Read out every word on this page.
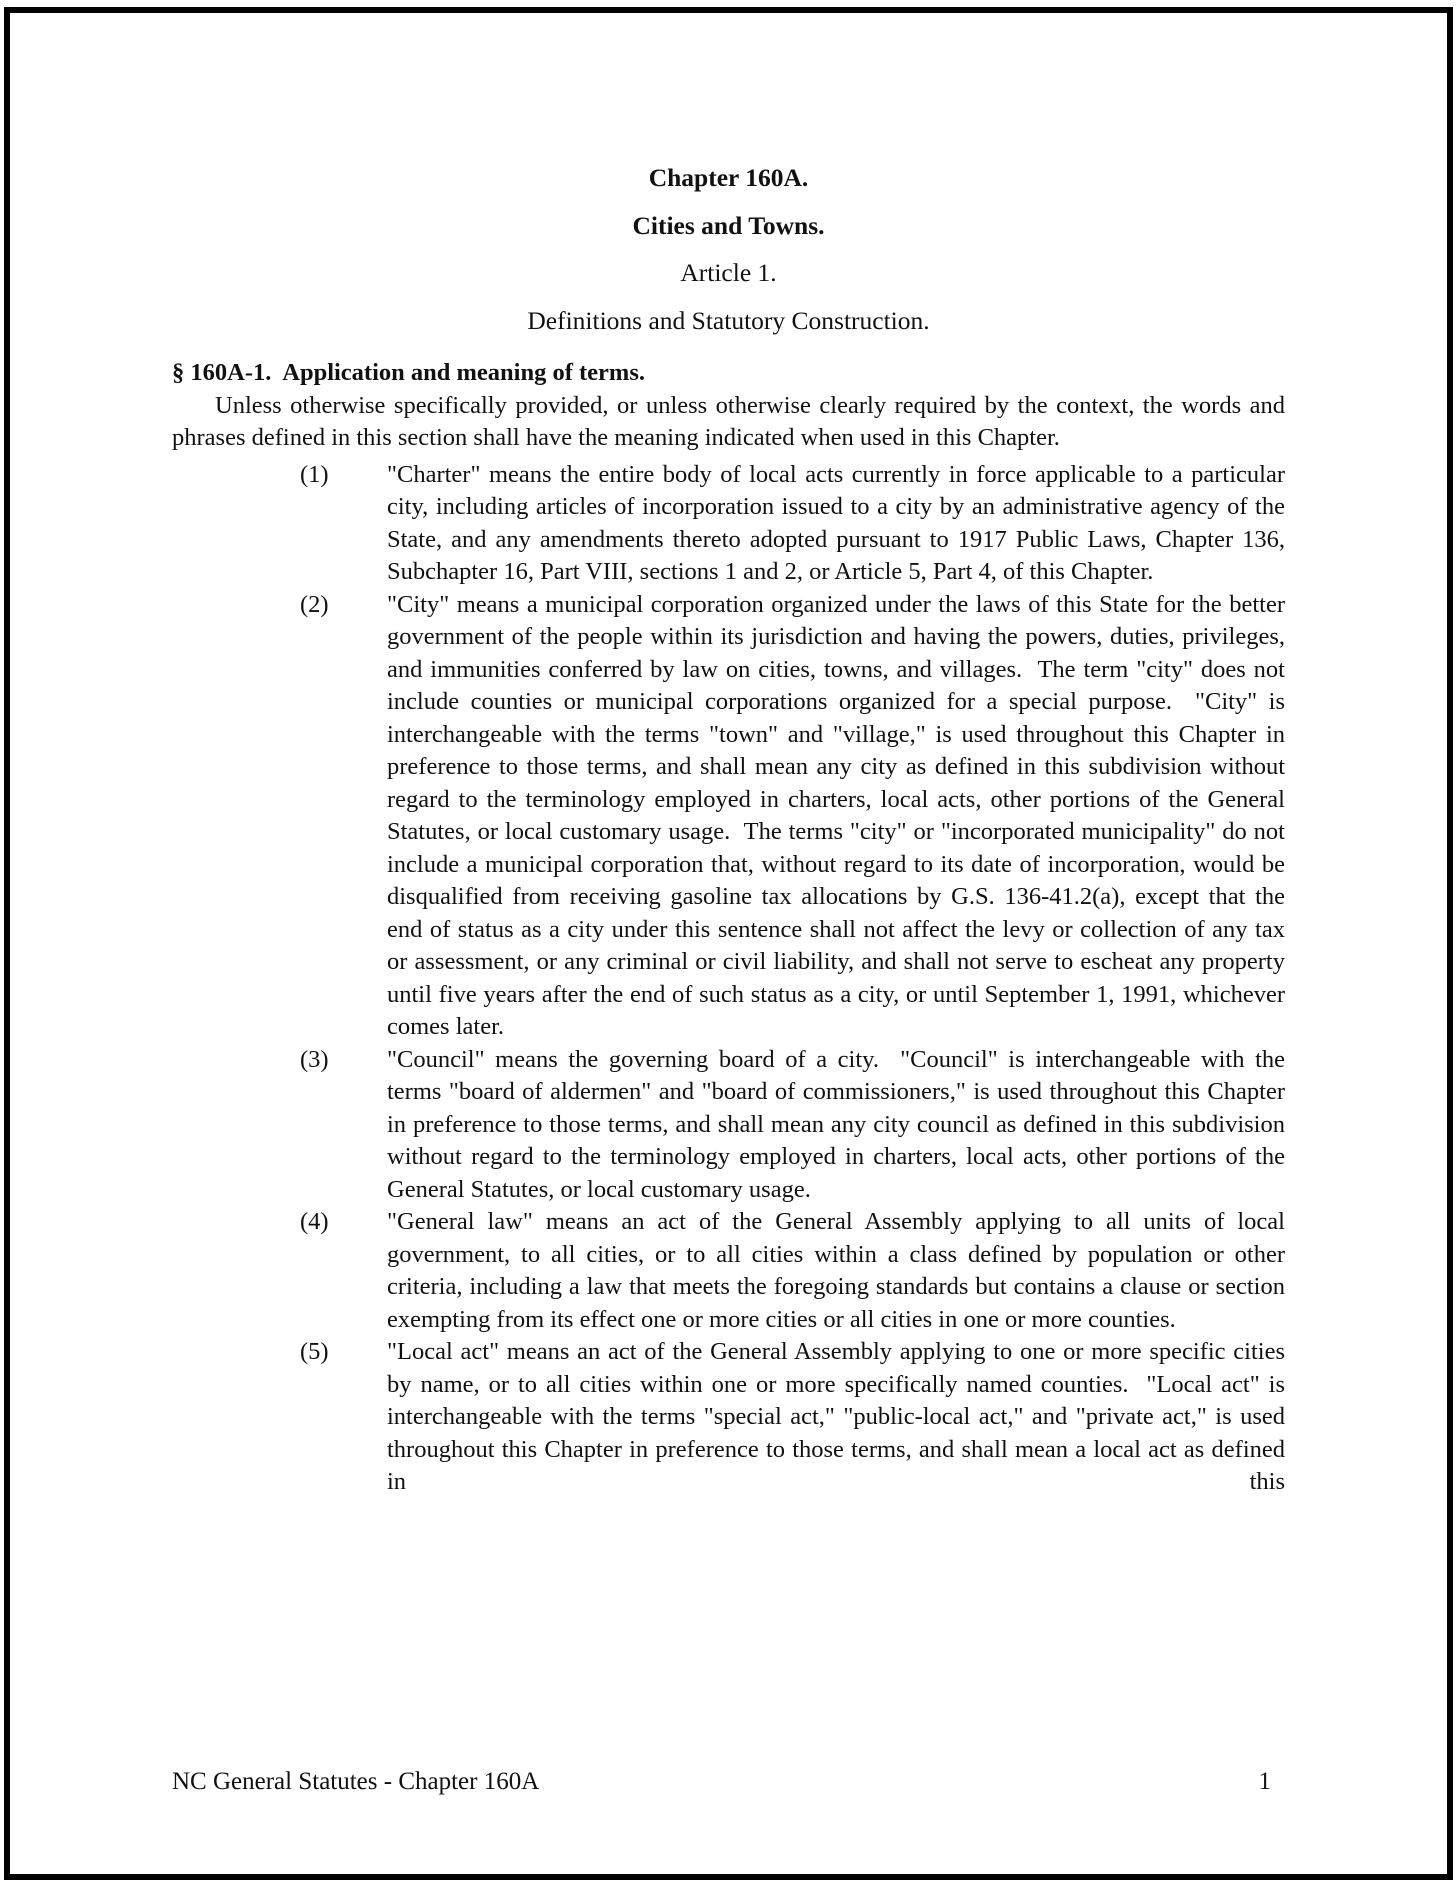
Chapter 160A.
Cities and Towns.
Article 1.
Definitions and Statutory Construction.
§ 160A-1.  Application and meaning of terms.

Unless otherwise specifically provided, or unless otherwise clearly required by the context, the words and phrases defined in this section shall have the meaning indicated when used in this Chapter.

(1) "Charter" means the entire body of local acts currently in force applicable to a particular city, including articles of incorporation issued to a city by an administrative agency of the State, and any amendments thereto adopted pursuant to 1917 Public Laws, Chapter 136, Subchapter 16, Part VIII, sections 1 and 2, or Article 5, Part 4, of this Chapter.
(2) "City" means a municipal corporation organized under the laws of this State for the better government of the people within its jurisdiction and having the powers, duties, privileges, and immunities conferred by law on cities, towns, and villages.  The term "city" does not include counties or municipal corporations organized for a special purpose.  "City" is interchangeable with the terms "town" and "village," is used throughout this Chapter in preference to those terms, and shall mean any city as defined in this subdivision without regard to the terminology employed in charters, local acts, other portions of the General Statutes, or local customary usage.  The terms "city" or "incorporated municipality" do not include a municipal corporation that, without regard to its date of incorporation, would be disqualified from receiving gasoline tax allocations by G.S. 136-41.2(a), except that the end of status as a city under this sentence shall not affect the levy or collection of any tax or assessment, or any criminal or civil liability, and shall not serve to escheat any property until five years after the end of such status as a city, or until September 1, 1991, whichever comes later.
(3) "Council" means the governing board of a city.  "Council" is interchangeable with the terms "board of aldermen" and "board of commissioners," is used throughout this Chapter in preference to those terms, and shall mean any city council as defined in this subdivision without regard to the terminology employed in charters, local acts, other portions of the General Statutes, or local customary usage.
(4) "General law" means an act of the General Assembly applying to all units of local government, to all cities, or to all cities within a class defined by population or other criteria, including a law that meets the foregoing standards but contains a clause or section exempting from its effect one or more cities or all cities in one or more counties.
(5) "Local act" means an act of the General Assembly applying to one or more specific cities by name, or to all cities within one or more specifically named counties.  "Local act" is interchangeable with the terms "special act," "public-local act," and "private act," is used throughout this Chapter in preference to those terms, and shall mean a local act as defined in this
NC General Statutes - Chapter 160A	1
